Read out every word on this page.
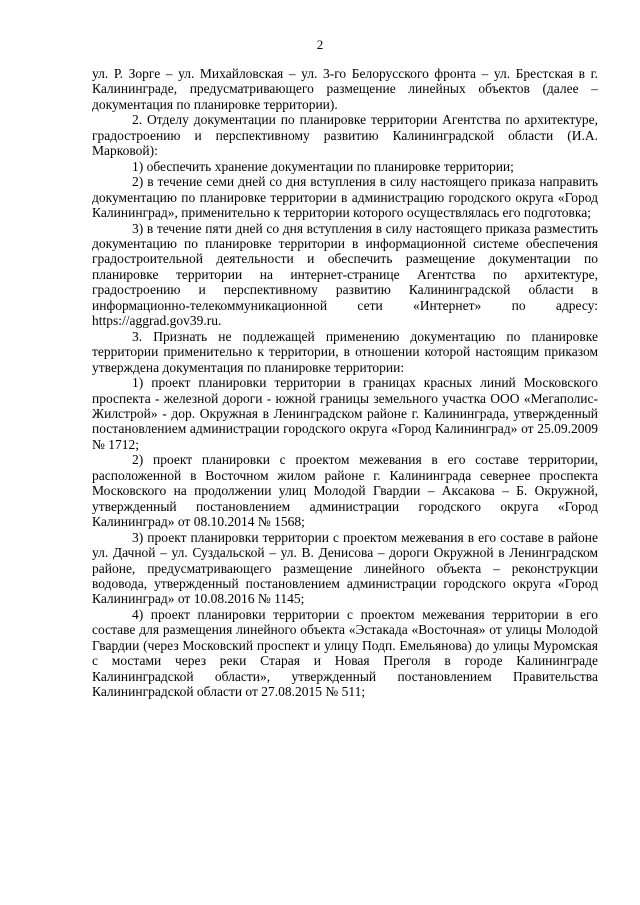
2

ул. Р. Зорге – ул. Михайловская – ул. 3-го Белорусского фронта – ул. Брестская в г. Калининграде, предусматривающего размещение линейных объектов (далее – документация по планировке территории).

2. Отделу документации по планировке территории Агентства по архитектуре, градостроению и перспективному развитию Калининградской области (И.А. Марковой):

1) обеспечить хранение документации по планировке территории;

2) в течение семи дней со дня вступления в силу настоящего приказа направить документацию по планировке территории в администрацию городского округа «Город Калининград», применительно к территории которого осуществлялась его подготовка;

3) в течение пяти дней со дня вступления в силу настоящего приказа разместить документацию по планировке территории в информационной системе обеспечения градостроительной деятельности и обеспечить размещение документации по планировке территории на интернет-странице Агентства по архитектуре, градостроению и перспективному развитию Калининградской области в информационно-телекоммуникационной сети «Интернет» по адресу: https://aggrad.gov39.ru.

3. Признать не подлежащей применению документацию по планировке территории применительно к территории, в отношении которой настоящим приказом утверждена документация по планировке территории:

1) проект планировки территории в границах красных линий Московского проспекта - железной дороги - южной границы земельного участка ООО «Мегаполис-Жилстрой» - дор. Окружная в Ленинградском районе г. Калининграда, утвержденный постановлением администрации городского округа «Город Калининград» от 25.09.2009 № 1712;

2) проект планировки с проектом межевания в его составе территории, расположенной в Восточном жилом районе г. Калининграда севернее проспекта Московского на продолжении улиц Молодой Гвардии – Аксакова – Б. Окружной, утвержденный постановлением администрации городского округа «Город Калининград» от 08.10.2014 № 1568;

3) проект планировки территории с проектом межевания в его составе в районе ул. Дачной – ул. Суздальской – ул. В. Денисова – дороги Окружной в Ленинградском районе, предусматривающего размещение линейного объекта – реконструкции водовода, утвержденный постановлением администрации городского округа «Город Калининград» от 10.08.2016 № 1145;

4) проект планировки территории с проектом межевания территории в его составе для размещения линейного объекта «Эстакада «Восточная» от улицы Молодой Гвардии (через Московский проспект и улицу Подп. Емельянова) до улицы Муромская с мостами через реки Старая и Новая Преголя в городе Калининграде Калининградской области», утвержденный постановлением Правительства Калининградской области от 27.08.2015 № 511;
